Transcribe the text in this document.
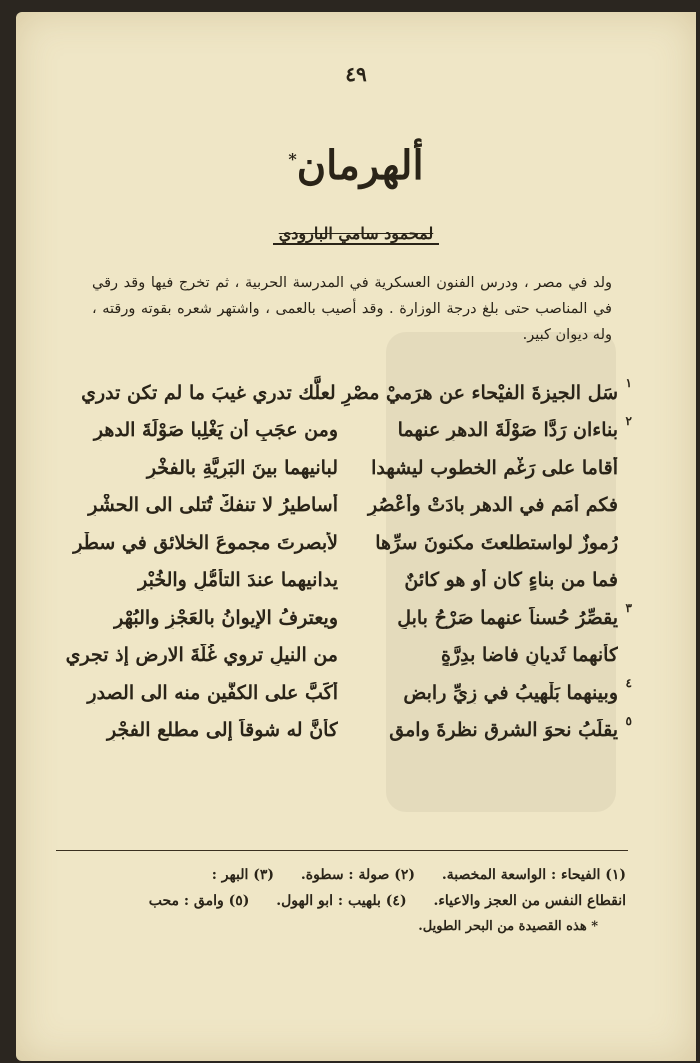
٤٩
ألهرمان*
لمحمود سامي البارودي
ولد في مصر ، ودرس الفنون العسكرية في المدرسة الحربية ، ثم تخرج فيها وقد رقي في المناصب حتى بلغ درجة الوزارة . وقد أصيب بالعمى ، واشتهر شعره بقوته ورقته ، وله ديوان كبير.
١
سَل الجيزةَ الفيْحاء عن هرَميْ مصْرِ لعلَّك تدري غيبَ ما لم تكن تدري
٢
بناءان رَدَّا صَوْلَةَ الدهرِ عنهما
ومن عجَبٍ أن يَغْلِبا صَوْلَةَ الدهرِ
أقاما على رَغْمِ الخطوب ليشهدا
لبانيهما بينَ البَرِيَّةِ بالفخْرِ
فكم أُمَمٍ في الدهر بادَتْ وأعْصُرٍ
أساطيرُ لا تنفكُّ تُتلى الى الحشْرِ
رُموزٌ لواستطلعتَ مكنونَ سرِّها
لأبصرتَ مجموعَ الخلائقِ في سطْرِ
فما من بناءٍ كان أو هو كائنٌ
يدانيهما عندَ التأمُّلِ والخُبْرِ
٣
يقصِّرُ حُسناً عنهما صَرْحُ بابلٍ
ويعترفُ الإيوانُ بالعَجْزِ والبُهْرِ
كأنهما ثَديانِ فاضا بدِرَّةٍ
من النيلِ تروي غُلَّةَ الارضِ إذ تجري
٤
وبينهما بَلْهِيبُ في زِيِّ رابضٍ
أكَبَّ على الكفَّينِ منه الى الصدرِ
٥
يقلِّبُ نحوَ الشرقِ نظرةَ وامقٍ
كأنَّ له شوقاً إلى مطلعِ الفجْرِ
(١) الفيحاء : الواسعة المخصبة. (٢) صولة : سطوة. (٣) البهر :
انقطاع النفس من العجز والاعياء. (٤) بلهيب : ابو الهول. (٥) وامق : محب
* هذه القصيدة من البحر الطويل.
